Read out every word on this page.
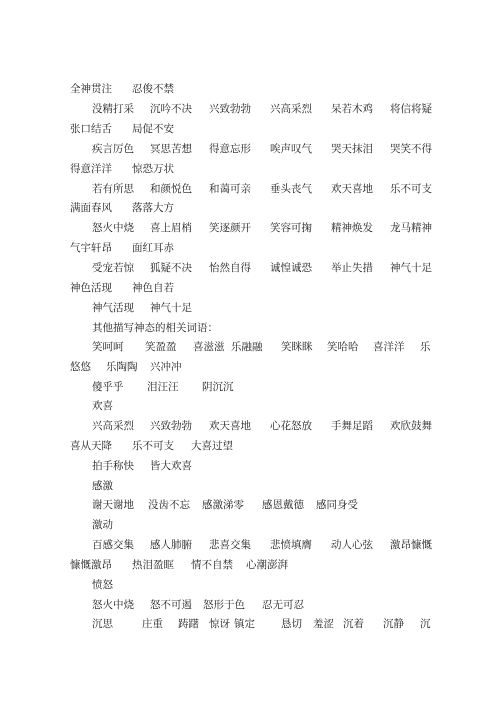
全神贯注 忍俊不禁
没精打采 沉吟不决 兴致勃勃 兴高采烈 呆若木鸡 将信将疑
张口结舌 局促不安
疾言厉色 冥思苦想 得意忘形 唉声叹气 哭天抹泪 哭笑不得
得意洋洋 惊恐万状
若有所思 和颜悦色 和蔼可亲 垂头丧气 欢天喜地 乐不可支
满面春风 落落大方
怒火中烧 喜上眉梢 笑逐颜开 笑容可掬 精神焕发 龙马精神
气宇轩昂 面红耳赤
受宠若惊 狐疑不决 怡然自得 诚惶诚恐 举止失措 神气十足
神色活现 神色自若
神气活现 神气十足
其他描写神态的相关词语：
笑呵呵 笑盈盈 喜滋滋 乐融融 笑眯眯 笑哈哈 喜洋洋 乐
悠悠 乐陶陶 兴冲冲
傻乎乎 泪汪汪 阴沉沉
欢喜
兴高采烈 兴致勃勃 欢天喜地 心花怒放 手舞足蹈 欢欣鼓舞
喜从天降 乐不可支 大喜过望
拍手称快 皆大欢喜
感激
谢天谢地 没齿不忘 感激涕零 感恩戴德 感同身受
激动
百感交集 感人肺腑 悲喜交集 悲愤填膺 动人心弦 激昂慷慨
慷慨激昂 热泪盈眶 情不自禁 心潮澎湃
愤怒
怒火中烧 怒不可遏 怒形于色 忍无可忍
沉思	庄重 踌躇 惊讶 镇定 恳切 羞涩 沉着 沉静 沉
